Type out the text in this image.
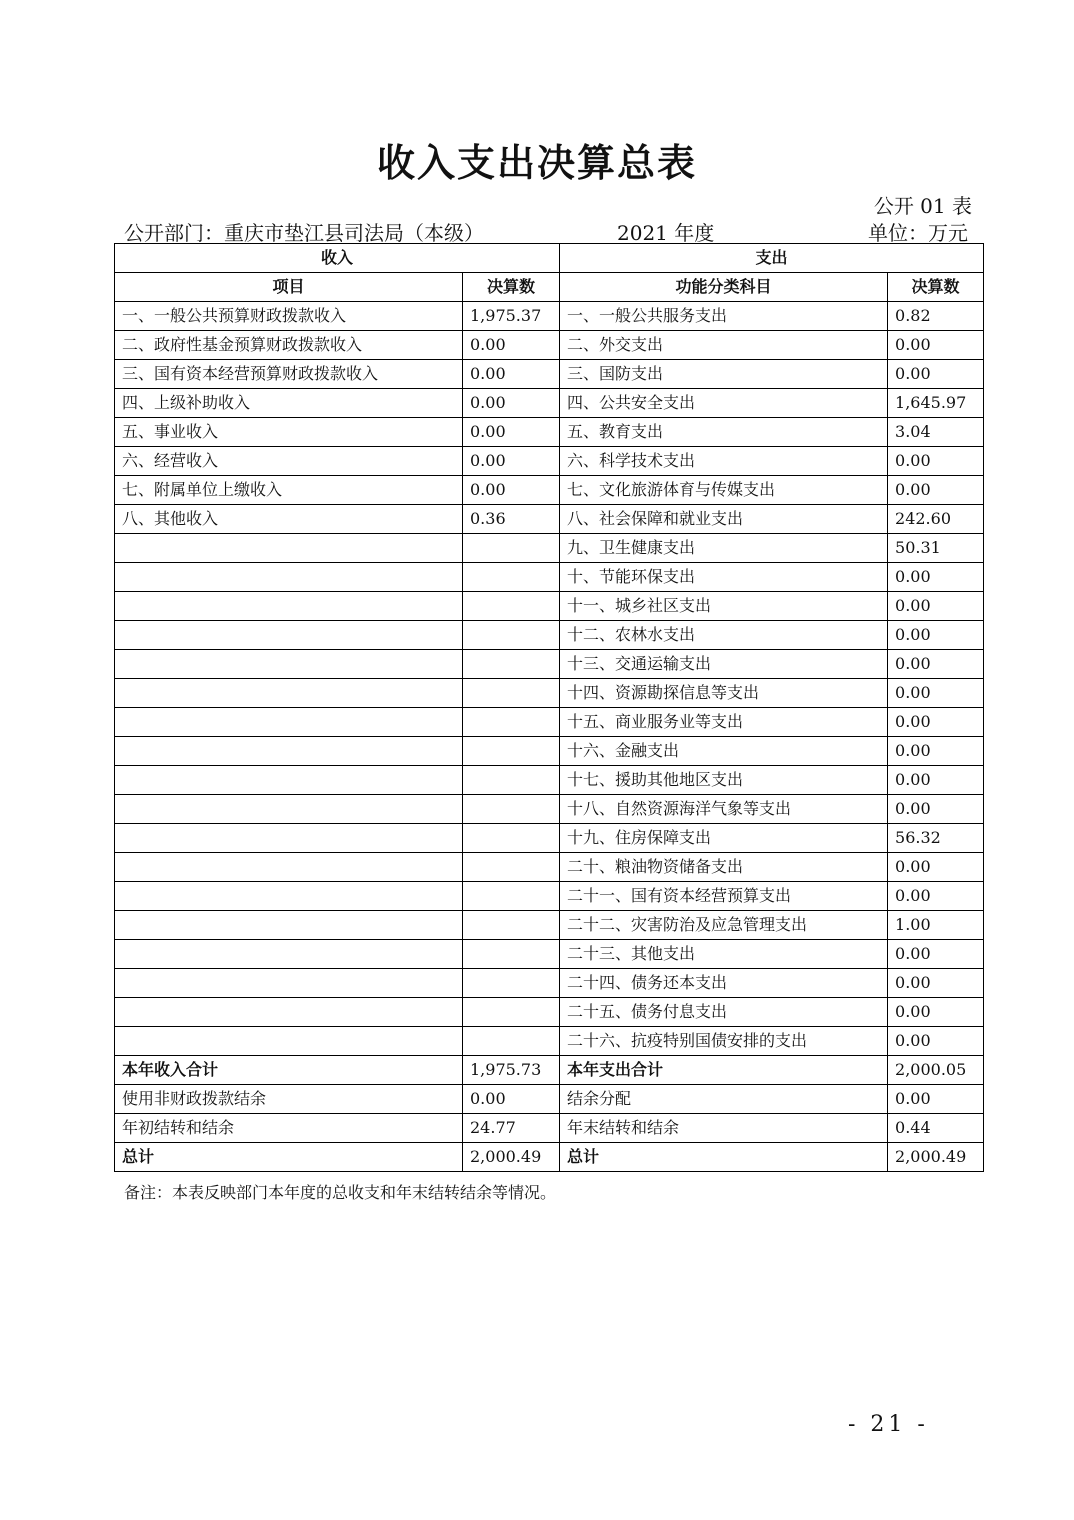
收入支出决算总表
公开 01 表
公开部门：重庆市垫江县司法局（本级）	2021 年度	单位：万元
收入		支出	
项目	决算数	功能分类科目	决算数
一、一般公共预算财政拨款收入	1,975.37	一、一般公共服务支出	0.82
二、政府性基金预算财政拨款收入	0.00	二、外交支出	0.00
三、国有资本经营预算财政拨款收入	0.00	三、国防支出	0.00
四、上级补助收入	0.00	四、公共安全支出	1,645.97
五、事业收入	0.00	五、教育支出	3.04
六、经营收入	0.00	六、科学技术支出	0.00
七、附属单位上缴收入	0.00	七、文化旅游体育与传媒支出	0.00
八、其他收入	0.36	八、社会保障和就业支出	242.60
		九、卫生健康支出	50.31
		十、节能环保支出	0.00
		十一、城乡社区支出	0.00
		十二、农林水支出	0.00
		十三、交通运输支出	0.00
		十四、资源勘探信息等支出	0.00
		十五、商业服务业等支出	0.00
		十六、金融支出	0.00
		十七、援助其他地区支出	0.00
		十八、自然资源海洋气象等支出	0.00
		十九、住房保障支出	56.32
		二十、粮油物资储备支出	0.00
		二十一、国有资本经营预算支出	0.00
		二十二、灾害防治及应急管理支出	1.00
		二十三、其他支出	0.00
		二十四、债务还本支出	0.00
		二十五、债务付息支出	0.00
		二十六、抗疫特别国债安排的支出	0.00
本年收入合计	1,975.73	本年支出合计	2,000.05
使用非财政拨款结余	0.00	结余分配	0.00
年初结转和结余	24.77	年末结转和结余	0.44
总计	2,000.49	总计	2,000.49
备注：本表反映部门本年度的总收支和年末结转结余等情况。
- 21 -
